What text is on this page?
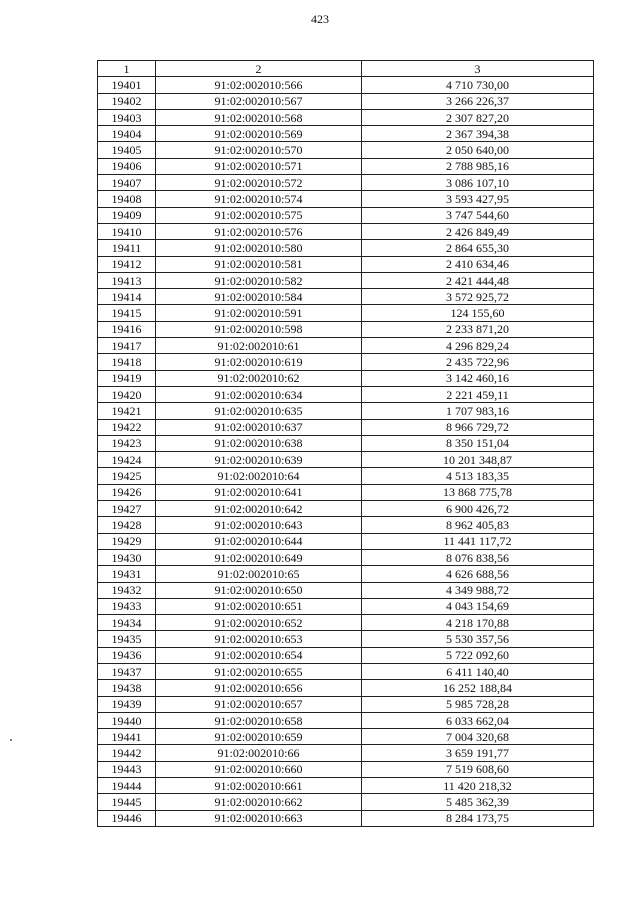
423
1	2	3
19401	91:02:002010:566	4 710 730,00
19402	91:02:002010:567	3 266 226,37
19403	91:02:002010:568	2 307 827,20
19404	91:02:002010:569	2 367 394,38
19405	91:02:002010:570	2 050 640,00
19406	91:02:002010:571	2 788 985,16
19407	91:02:002010:572	3 086 107,10
19408	91:02:002010:574	3 593 427,95
19409	91:02:002010:575	3 747 544,60
19410	91:02:002010:576	2 426 849,49
19411	91:02:002010:580	2 864 655,30
19412	91:02:002010:581	2 410 634,46
19413	91:02:002010:582	2 421 444,48
19414	91:02:002010:584	3 572 925,72
19415	91:02:002010:591	124 155,60
19416	91:02:002010:598	2 233 871,20
19417	91:02:002010:61	4 296 829,24
19418	91:02:002010:619	2 435 722,96
19419	91:02:002010:62	3 142 460,16
19420	91:02:002010:634	2 221 459,11
19421	91:02:002010:635	1 707 983,16
19422	91:02:002010:637	8 966 729,72
19423	91:02:002010:638	8 350 151,04
19424	91:02:002010:639	10 201 348,87
19425	91:02:002010:64	4 513 183,35
19426	91:02:002010:641	13 868 775,78
19427	91:02:002010:642	6 900 426,72
19428	91:02:002010:643	8 962 405,83
19429	91:02:002010:644	11 441 117,72
19430	91:02:002010:649	8 076 838,56
19431	91:02:002010:65	4 626 688,56
19432	91:02:002010:650	4 349 988,72
19433	91:02:002010:651	4 043 154,69
19434	91:02:002010:652	4 218 170,88
19435	91:02:002010:653	5 530 357,56
19436	91:02:002010:654	5 722 092,60
19437	91:02:002010:655	6 411 140,40
19438	91:02:002010:656	16 252 188,84
19439	91:02:002010:657	5 985 728,28
19440	91:02:002010:658	6 033 662,04
19441	91:02:002010:659	7 004 320,68
19442	91:02:002010:66	3 659 191,77
19443	91:02:002010:660	7 519 608,60
19444	91:02:002010:661	11 420 218,32
19445	91:02:002010:662	5 485 362,39
19446	91:02:002010:663	8 284 173,75
